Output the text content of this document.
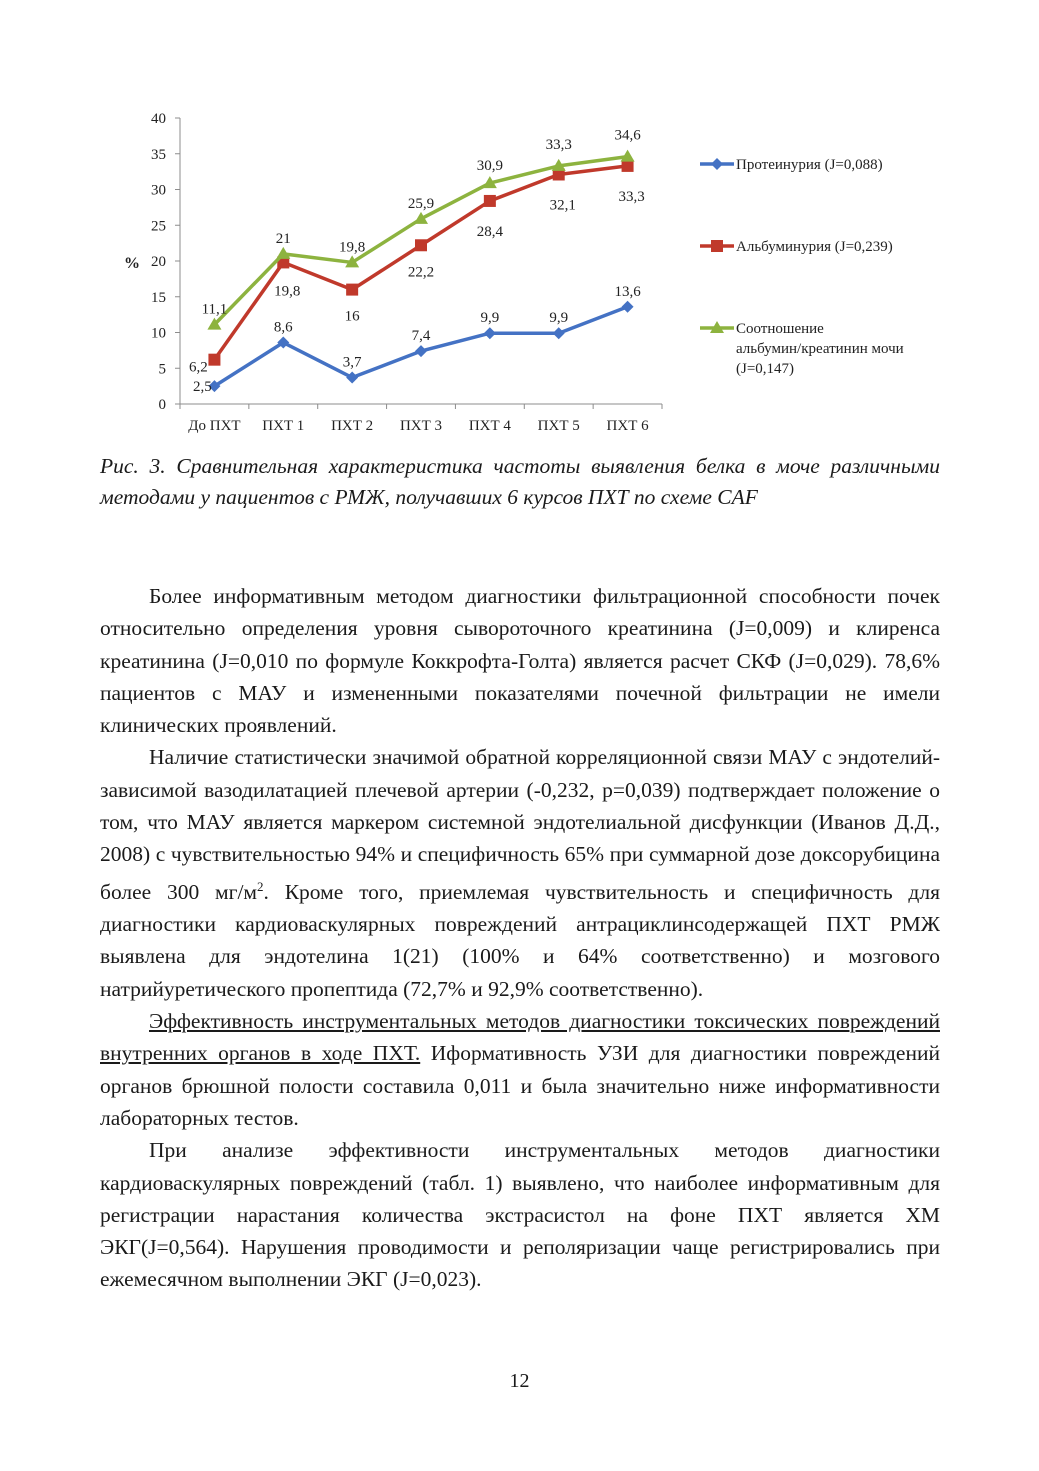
0
5
10
15
20
25
30
35
40
До ПХТ ПХТ 1 ПХТ 2 ПХТ 3 ПХТ 4 ПХТ 5 ПХТ 6
%
2,5
8,6
3,7
7,4
9,9	9,9
13,6
6,2
19,8
16
22,2
28,4
32,1
33,3
11,1
21
19,8
25,9
30,9
33,3
34,6
Протеинурия (J=0,088)
Альбуминурия (J=0,239)
Соотношение
альбумин/креатинин мочи
(J=0,147)

Рис. 3. Сравнительная характеристика частоты выявления белка в моче различными методами у пациентов с РМЖ, получавших 6 курсов ПХТ по схеме CAF

Более информативным методом диагностики фильтрационной способности почек относительно определения уровня сывороточного креатинина (J=0,009) и клиренса креатинина (J=0,010 по формуле Коккрофта-Голта) является расчет СКФ (J=0,029). 78,6% пациентов с МАУ и измененными показателями почечной фильтрации не имели клинических проявлений.

Наличие статистически значимой обратной корреляционной связи МАУ с эндотелий-зависимой вазодилатацией плечевой артерии (-0,232, р=0,039) подтверждает положение о том, что МАУ является маркером системной эндотелиальной дисфункции (Иванов Д.Д., 2008) с чувствительностью 94% и специфичность 65% при суммарной дозе доксорубицина более 300 $мг/м^2$. Кроме того, приемлемая чувствительность и специфичность для диагностики кардиоваскулярных повреждений антрациклинсодержащей ПХТ РМЖ выявлена для эндотелина 1(21) (100% и 64% соответственно) и мозгового натрийуретического пропептида (72,7% и 92,9% соответственно).

Эффективность инструментальных методов диагностики токсических повреждений внутренних органов в ходе ПХТ. Иформативность УЗИ для диагностики повреждений органов брюшной полости составила 0,011 и была значительно ниже информативности лабораторных тестов.

При анализе эффективности инструментальных методов диагностики кардиоваскулярных повреждений (табл. 1) выявлено, что наиболее информативным для регистрации нарастания количества экстрасистол на фоне ПХТ является ХМ ЭКГ(J=0,564). Нарушения проводимости и реполяризации чаще регистрировались при ежемесячном выполнении ЭКГ (J=0,023).

12
